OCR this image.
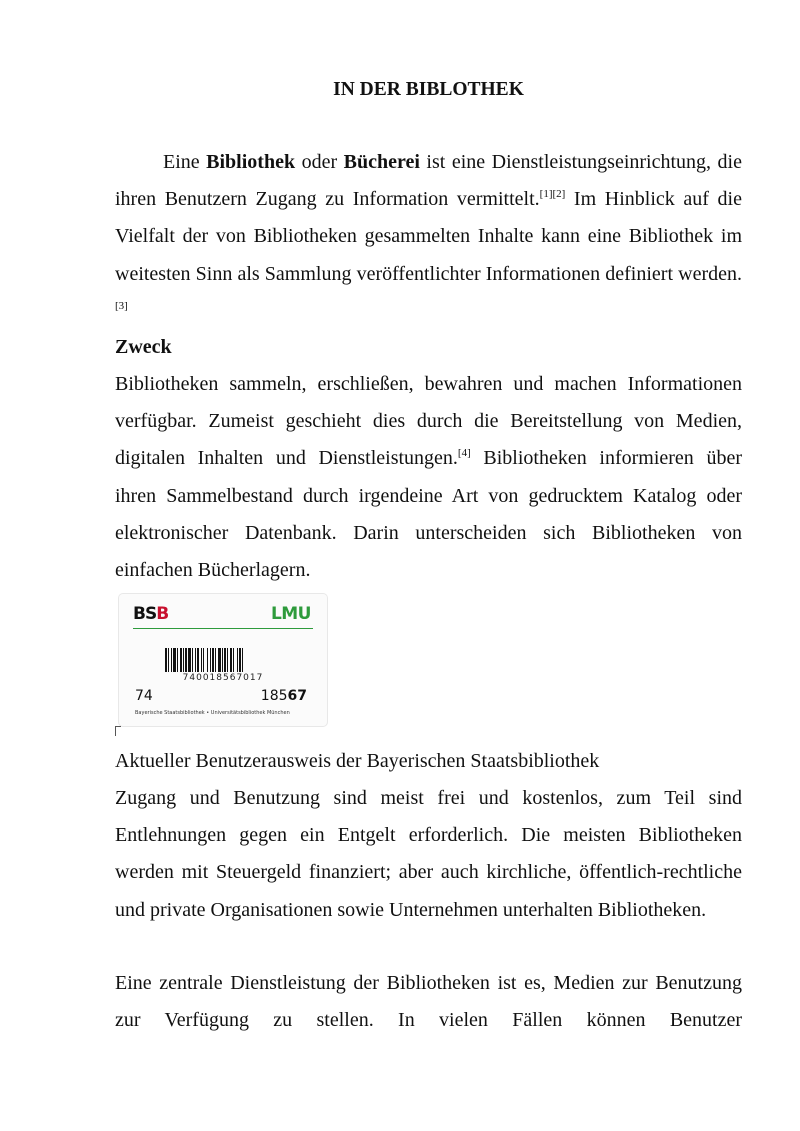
IN DER BIBLOTHEK

Eine Bibliothek oder Bücherei ist eine Dienstleistungseinrichtung, die ihren Benutzern Zugang zu Information vermittelt.[1][2] Im Hinblick auf die Vielfalt der von Bibliotheken gesammelten Inhalte kann eine Bibliothek im weitesten Sinn als Sammlung veröffentlichter Informationen definiert werden.[3]

Zweck

Bibliotheken sammeln, erschließen, bewahren und machen Informationen verfügbar. Zumeist geschieht dies durch die Bereitstellung von Medien, digitalen Inhalten und Dienstleistungen.[4] Bibliotheken informieren über ihren Sammelbestand durch irgendeine Art von gedrucktem Katalog oder elektronischer Datenbank. Darin unterscheiden sich Bibliotheken von einfachen Bücherlagern.

BSB	LMU
740018567017
74	18567
Bayerische Staatsbibliothek • Universitätsbibliothek München
Aktueller Benutzerausweis der Bayerischen Staatsbibliothek

Zugang und Benutzung sind meist frei und kostenlos, zum Teil sind Entlehnungen gegen ein Entgelt erforderlich. Die meisten Bibliotheken werden mit Steuergeld finanziert; aber auch kirchliche, öffentlich-rechtliche und private Organisationen sowie Unternehmen unterhalten Bibliotheken.

Eine zentrale Dienstleistung der Bibliotheken ist es, Medien zur Benutzung zur Verfügung zu stellen. In vielen Fällen können Benutzer
